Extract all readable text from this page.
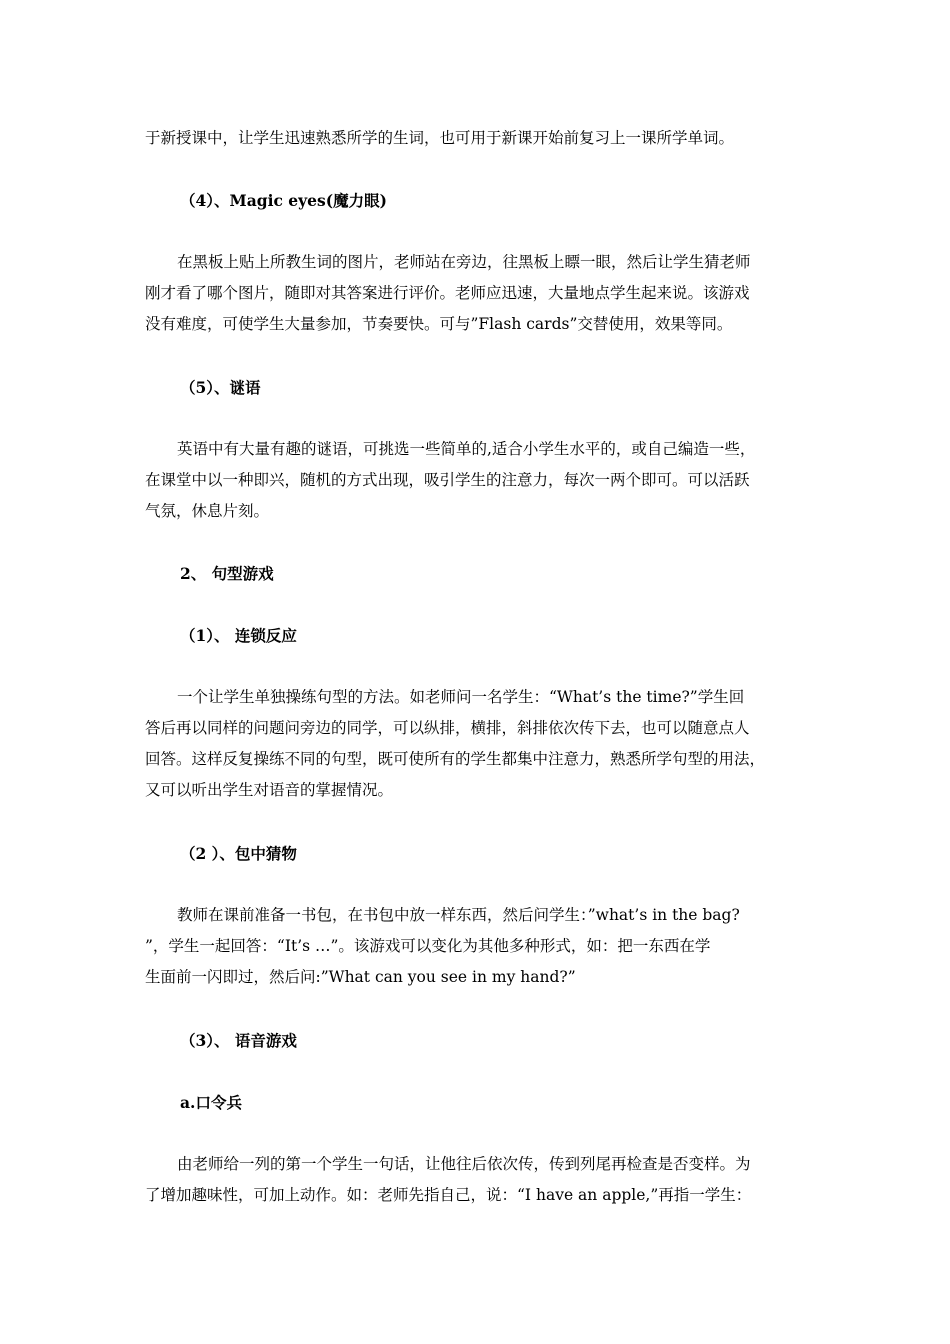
于新授课中，让学生迅速熟悉所学的生词，也可用于新课开始前复习上一课所学单词。

（4）、Magic eyes(魔力眼)

在黑板上贴上所教生词的图片，老师站在旁边，往黑板上瞟一眼，然后让学生猜老师
刚才看了哪个图片，随即对其答案进行评价。老师应迅速，大量地点学生起来说。该游戏
没有难度，可使学生大量参加，节奏要快。可与”Flash cards”交替使用，效果等同。

（5）、谜语

英语中有大量有趣的谜语，可挑选一些简单的,适合小学生水平的，或自己编造一些，
在课堂中以一种即兴，随机的方式出现，吸引学生的注意力，每次一两个即可。可以活跃
气氛，休息片刻。

2、 句型游戏

（1）、 连锁反应

一个让学生单独操练句型的方法。如老师问一名学生：“What’s the time?”学生回
答后再以同样的问题问旁边的同学，可以纵排，横排，斜排依次传下去，也可以随意点人
回答。这样反复操练不同的句型，既可使所有的学生都集中注意力，熟悉所学句型的用法，
又可以听出学生对语音的掌握情况。

（2 ）、包中猜物

教师在课前准备一书包，在书包中放一样东西，然后问学生：”what’s in the bag?
”，学生一起回答：“It’s …”。该游戏可以变化为其他多种形式，如：把一东西在学
生面前一闪即过，然后问:”What can you see in my hand?”

（3）、 语音游戏

a.口令兵

由老师给一列的第一个学生一句话，让他往后依次传，传到列尾再检查是否变样。为
了增加趣味性，可加上动作。如：老师先指自己，说：“I have an apple,”再指一学生：
